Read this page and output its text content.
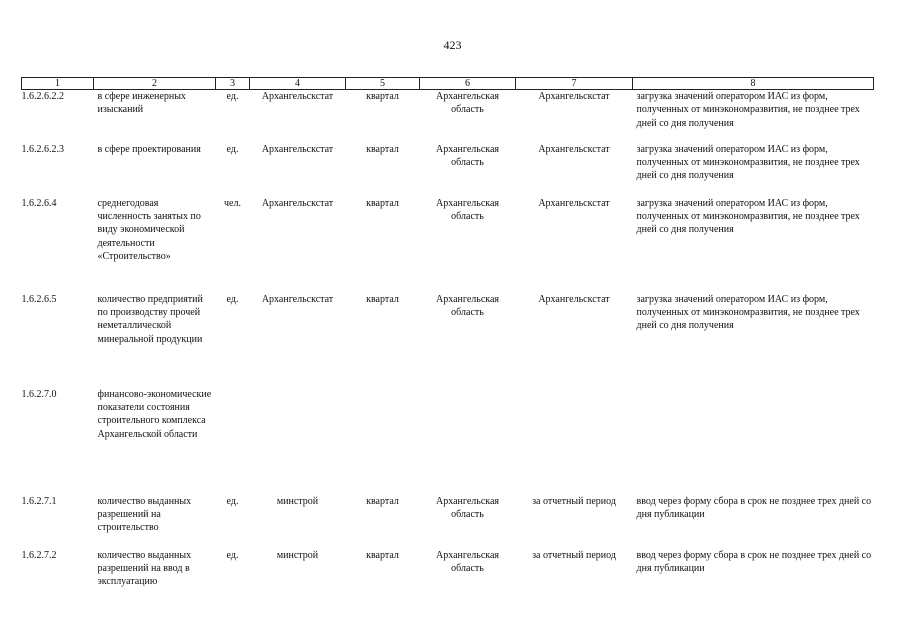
423
1	2	3	4	5	6	7	8
1.6.2.6.2.2	в сфере инженерных изысканий	ед.	Архангельскстат	квартал	Архангельская область	Архангельскстат	загрузка значений оператором ИАС из форм, полученных от минэкономразвития, не позднее трех дней со дня получения
1.6.2.6.2.3	в сфере проектирования	ед.	Архангельскстат	квартал	Архангельская область	Архангельскстат	загрузка значений оператором ИАС из форм, полученных от минэкономразвития, не позднее трех дней со дня получения
1.6.2.6.4	среднегодовая численность занятых по виду экономической деятельности «Строительство»	чел.	Архангельскстат	квартал	Архангельская область	Архангельскстат	загрузка значений оператором ИАС из форм, полученных от минэкономразвития, не позднее трех дней со дня получения
1.6.2.6.5	количество предприятий по производству прочей неметаллической минеральной продукции	ед.	Архангельскстат	квартал	Архангельская область	Архангельскстат	загрузка значений оператором ИАС из форм, полученных от минэкономразвития, не позднее трех дней со дня получения
1.6.2.7.0	финансово-экономические показатели состояния строительного комплекса Архангельской области						
1.6.2.7.1	количество выданных разрешений на строительство	ед.	минстрой	квартал	Архангельская область	за отчетный период	ввод через форму сбора в срок не позднее трех дней со дня публикации
1.6.2.7.2	количество выданных разрешений на ввод в эксплуатацию	ед.	минстрой	квартал	Архангельская область	за отчетный период	ввод через форму сбора в срок не позднее трех дней со дня публикации
